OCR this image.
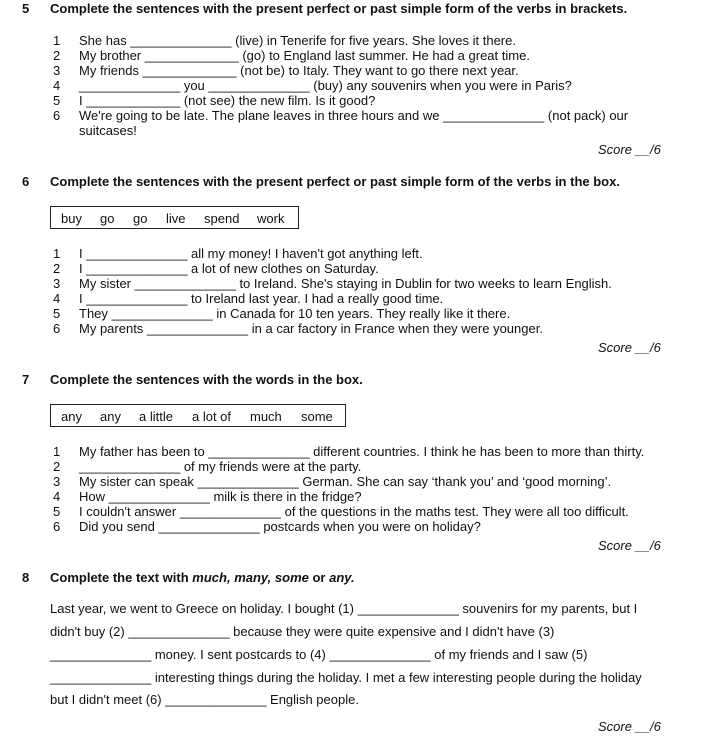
5 Complete the sentences with the present perfect or past simple form of the verbs in brackets.
1 She has ______________ (live) in Tenerife for five years. She loves it there.
2 My brother _____________ (go) to England last summer. He had a great time.
3 My friends _____________ (not be) to Italy. They want to go there next year.
4 ______________ you ______________ (buy) any souvenirs when you were in Paris?
5 I _____________ (not see) the new film. Is it good?
6 We're going to be late. The plane leaves in three hours and we ______________ (not pack) our
suitcases!
Score __/6
6 Complete the sentences with the present perfect or past simple form of the verbs in the box.
buy go go live spend work
1 I ______________ all my money! I haven't got anything left.
2 I ______________ a lot of new clothes on Saturday.
3 My sister ______________ to Ireland. She's staying in Dublin for two weeks to learn English.
4 I ______________ to Ireland last year. I had a really good time.
5 They ______________ in Canada for 10 ten years. They really like it there.
6 My parents ______________ in a car factory in France when they were younger.
Score __/6
7 Complete the sentences with the words in the box.
any any a little a lot of much some
1 My father has been to ______________ different countries. I think he has been to more than thirty.
2 ______________ of my friends were at the party.
3 My sister can speak ______________ German. She can say ‘thank you’ and ‘good morning’.
4 How ______________ milk is there in the fridge?
5 I couldn't answer ______________ of the questions in the maths test. They were all too difficult.
6 Did you send ______________ postcards when you were on holiday?
Score __/6
8 Complete the text with much, many, some or any.
Last year, we went to Greece on holiday. I bought (1) ______________ souvenirs for my parents, but I
didn't buy (2) ______________ because they were quite expensive and I didn't have (3)
______________ money. I sent postcards to (4) ______________ of my friends and I saw (5)
______________ interesting things during the holiday. I met a few interesting people during the holiday
but I didn't meet (6) ______________ English people.
Score __/6
